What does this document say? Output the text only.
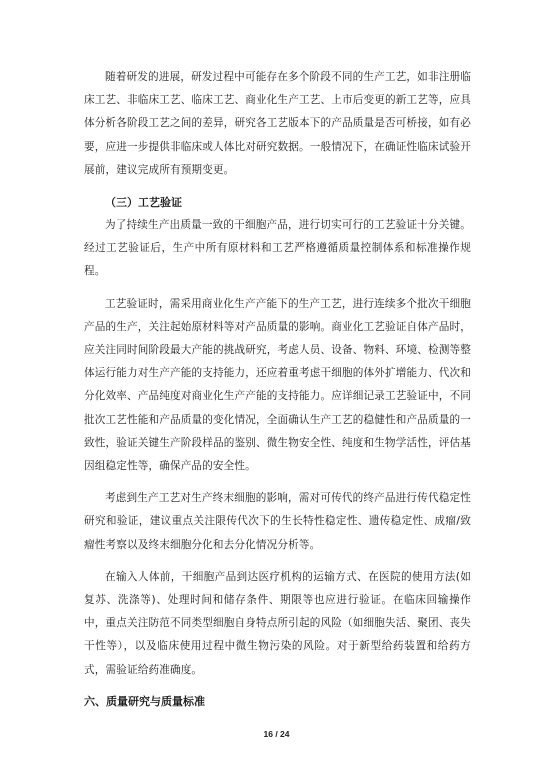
随着研发的进展，研发过程中可能存在多个阶段不同的生产工艺，如非注册临床工艺、非临床工艺、临床工艺、商业化生产工艺、上市后变更的新工艺等，应具体分析各阶段工艺之间的差异，研究各工艺版本下的产品质量是否可桥接，如有必要，应进一步提供非临床或人体比对研究数据。一般情况下，在确证性临床试验开展前，建议完成所有预期变更。

（三）工艺验证

为了持续生产出质量一致的干细胞产品，进行切实可行的工艺验证十分关键。经过工艺验证后，生产中所有原材料和工艺严格遵循质量控制体系和标准操作规程。

工艺验证时，需采用商业化生产产能下的生产工艺，进行连续多个批次干细胞产品的生产，关注起始原材料等对产品质量的影响。商业化工艺验证自体产品时，应关注同时间阶段最大产能的挑战研究，考虑人员、设备、物料、环境、检测等整体运行能力对生产产能的支持能力，还应着重考虑干细胞的体外扩增能力、代次和分化效率、产品纯度对商业化生产产能的支持能力。应详细记录工艺验证中，不同批次工艺性能和产品质量的变化情况，全面确认生产工艺的稳健性和产品质量的一致性，验证关键生产阶段样品的鉴别、微生物安全性、纯度和生物学活性，评估基因组稳定性等，确保产品的安全性。

考虑到生产工艺对生产终末细胞的影响，需对可传代的终产品进行传代稳定性研究和验证，建议重点关注限传代次下的生长特性稳定性、遗传稳定性、成瘤/致瘤性考察以及终末细胞分化和去分化情况分析等。

在输入人体前，干细胞产品到达医疗机构的运输方式、在医院的使用方法(如复苏、洗涤等)、处理时间和储存条件、期限等也应进行验证。在临床回输操作中，重点关注防范不同类型细胞自身特点所引起的风险（如细胞失活、聚团、丧失干性等），以及临床使用过程中微生物污染的风险。对于新型给药装置和给药方式，需验证给药准确度。

六、质量研究与质量标准

16 / 24
